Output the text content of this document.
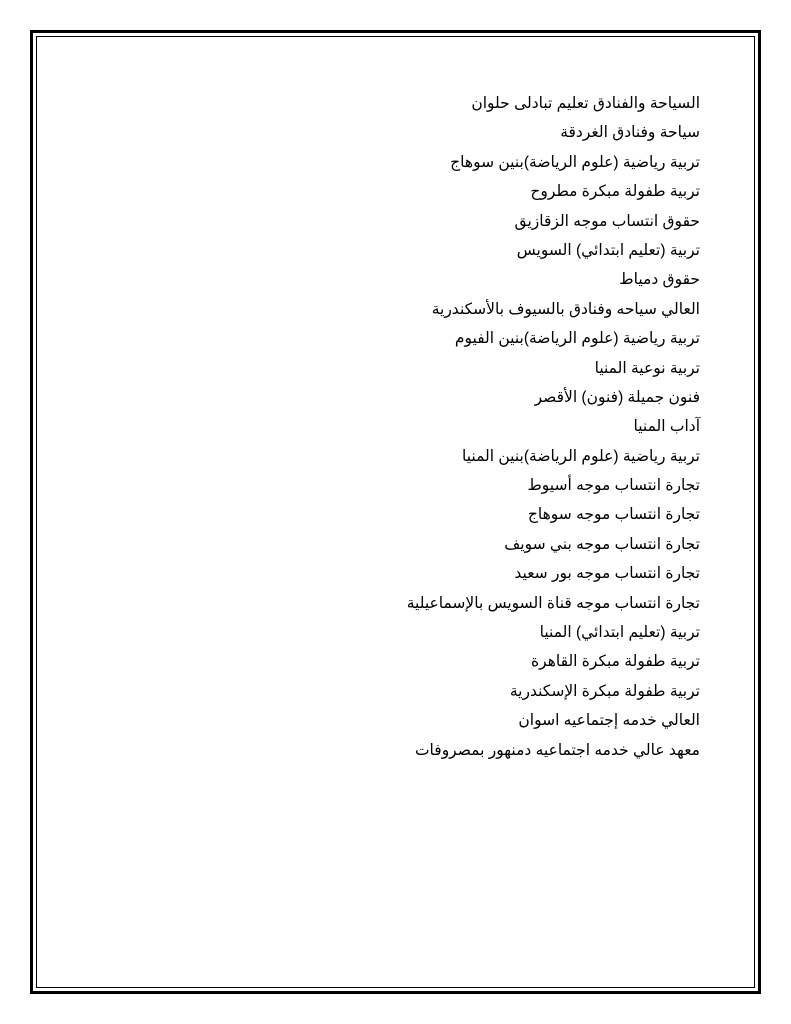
السياحة والفنادق تعليم تبادلى حلوان
سياحة وفنادق الغردقة
تربية رياضية (علوم الرياضة)بنين سوهاج
تربية طفولة مبكرة مطروح
حقوق انتساب موجه الزقازيق
تربية (تعليم ابتدائي) السويس
حقوق دمياط
العالي سياحه وفنادق بالسيوف بالأسكندرية
تربية رياضية (علوم الرياضة)بنين الفيوم
تربية نوعية المنيا
فنون جميلة (فنون) الأقصر
آداب المنيا
تربية رياضية (علوم الرياضة)بنين المنيا
تجارة انتساب موجه أسيوط
تجارة انتساب موجه سوهاج
تجارة انتساب موجه بني سويف
تجارة انتساب موجه بور سعيد
تجارة انتساب موجه قناة السويس بالإسماعيلية
تربية (تعليم ابتدائي) المنيا
تربية طفولة مبكرة القاهرة
تربية طفولة مبكرة الإسكندرية
العالي خدمه إجتماعيه اسوان
معهد عالي خدمه اجتماعيه دمنهور بمصروفات
